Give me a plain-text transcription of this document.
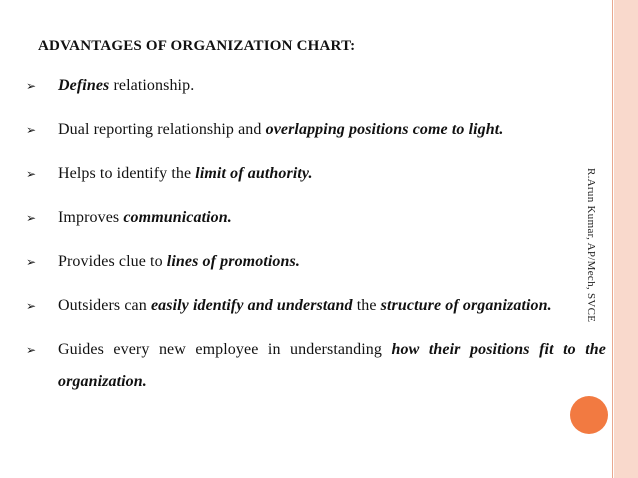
ADVANTAGES OF ORGANIZATION CHART:
➢ Defines relationship.
➢ Dual reporting relationship and overlapping positions come to light.
➢ Helps to identify the limit of authority.
➢ Improves communication.
➢ Provides clue to lines of promotions.
➢ Outsiders can easily identify and understand the structure of organization.
➢ Guides every new employee in understanding how their positions fit to the organization.
R.Arun Kumar, AP/Mech, SVCE
